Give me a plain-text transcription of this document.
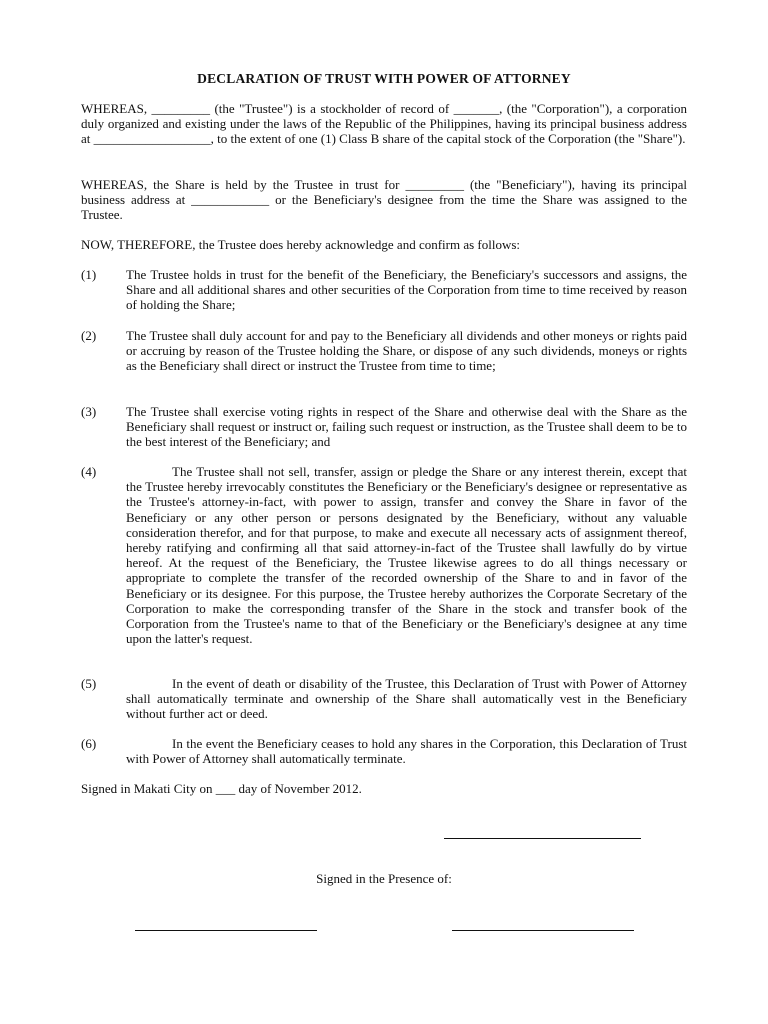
DECLARATION OF TRUST WITH POWER OF ATTORNEY
WHEREAS, _________ (the "Trustee") is a stockholder of record of _______, (the "Corporation"), a corporation duly organized and existing under the laws of the Republic of the Philippines, having its principal business address at __________________, to the extent of one (1) Class B share of the capital stock of the Corporation (the "Share").
WHEREAS, the Share is held by the Trustee in trust for _________ (the "Beneficiary"), having its principal business address at ____________ or the Beneficiary's designee from the time the Share was assigned to the Trustee.
NOW, THEREFORE, the Trustee does hereby acknowledge and confirm as follows:
(1) The Trustee holds in trust for the benefit of the Beneficiary, the Beneficiary's successors and assigns, the Share and all additional shares and other securities of the Corporation from time to time received by reason of holding the Share;
(2) The Trustee shall duly account for and pay to the Beneficiary all dividends and other moneys or rights paid or accruing by reason of the Trustee holding the Share, or dispose of any such dividends, moneys or rights as the Beneficiary shall direct or instruct the Trustee from time to time;
(3) The Trustee shall exercise voting rights in respect of the Share and otherwise deal with the Share as the Beneficiary shall request or instruct or, failing such request or instruction, as the Trustee shall deem to be to the best interest of the Beneficiary; and
(4)	The Trustee shall not sell, transfer, assign or pledge the Share or any interest therein, except that the Trustee hereby irrevocably constitutes the Beneficiary or the Beneficiary's designee or representative as the Trustee's attorney-in-fact, with power to assign, transfer and convey the Share in favor of the Beneficiary or any other person or persons designated by the Beneficiary, without any valuable consideration therefor, and for that purpose, to make and execute all necessary acts of assignment thereof, hereby ratifying and confirming all that said attorney-in-fact of the Trustee shall lawfully do by virtue hereof. At the request of the Beneficiary, the Trustee likewise agrees to do all things necessary or appropriate to complete the transfer of the recorded ownership of the Share to and in favor of the Beneficiary or its designee. For this purpose, the Trustee hereby authorizes the Corporate Secretary of the Corporation to make the corresponding transfer of the Share in the stock and transfer book of the Corporation from the Trustee's name to that of the Beneficiary or the Beneficiary's designee at any time upon the latter's request.
(5)	In the event of death or disability of the Trustee, this Declaration of Trust with Power of Attorney shall automatically terminate and ownership of the Share shall automatically vest in the Beneficiary without further act or deed.
(6)	In the event the Beneficiary ceases to hold any shares in the Corporation, this Declaration of Trust with Power of Attorney shall automatically terminate.
Signed in Makati City on ___ day of November 2012.
Signed in the Presence of:
